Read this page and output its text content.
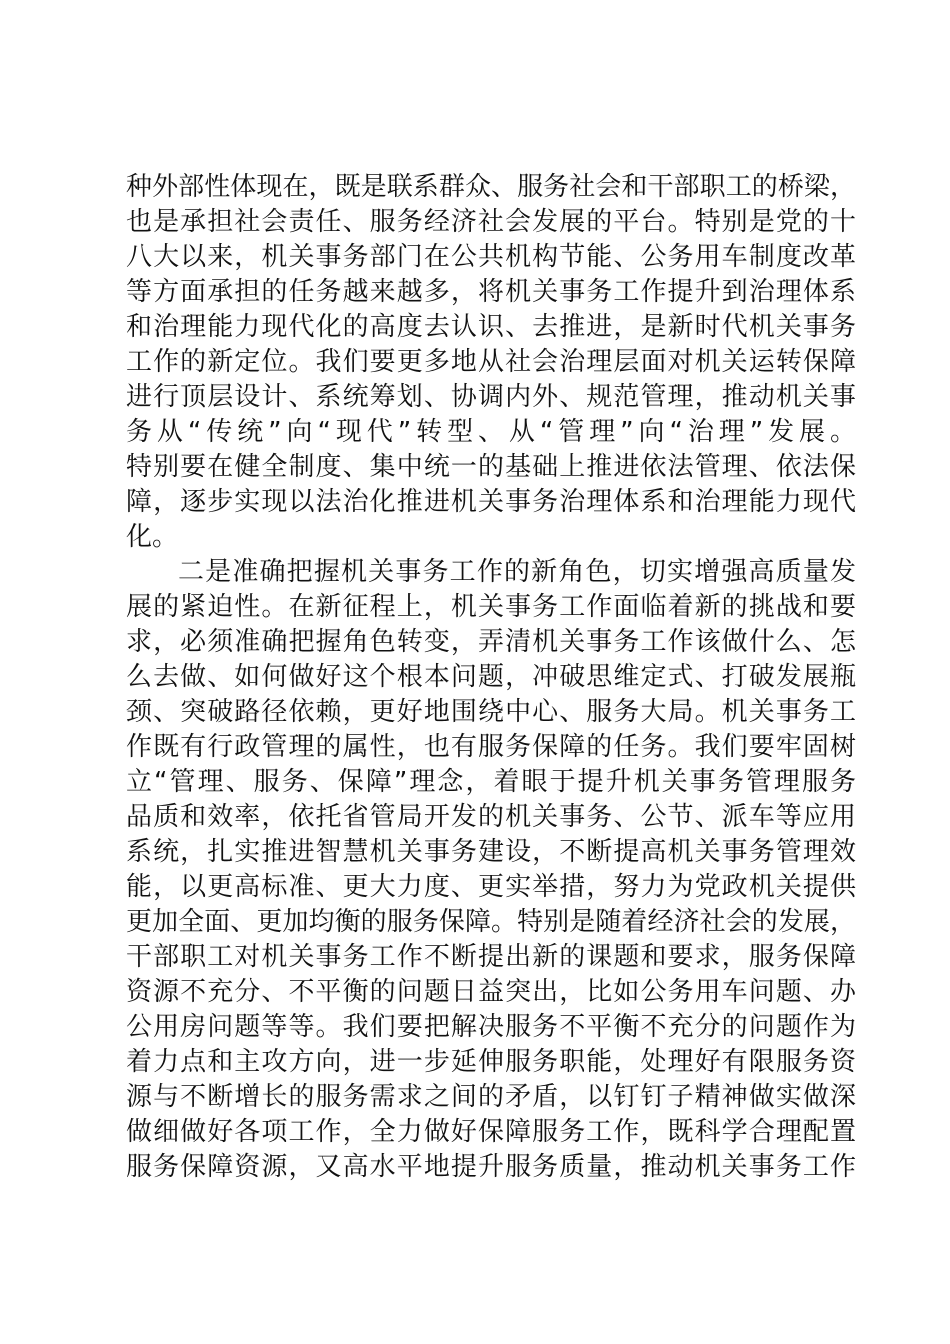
种外部性体现在，既是联系群众、服务社会和干部职工的桥梁，
也是承担社会责任、服务经济社会发展的平台。特别是党的十
八大以来，机关事务部门在公共机构节能、公务用车制度改革
等方面承担的任务越来越多，将机关事务工作提升到治理体系
和治理能力现代化的高度去认识、去推进，是新时代机关事务
工作的新定位。我们要更多地从社会治理层面对机关运转保障
进行顶层设计、系统筹划、协调内外、规范管理，推动机关事
务从“传统”向“现代”转型、从“管理”向“治理”发展。
特别要在健全制度、集中统一的基础上推进依法管理、依法保
障，逐步实现以法治化推进机关事务治理体系和治理能力现代
化。
二是准确把握机关事务工作的新角色，切实增强高质量发
展的紧迫性。在新征程上，机关事务工作面临着新的挑战和要
求，必须准确把握角色转变，弄清机关事务工作该做什么、怎
么去做、如何做好这个根本问题，冲破思维定式、打破发展瓶
颈、突破路径依赖，更好地围绕中心、服务大局。机关事务工
作既有行政管理的属性，也有服务保障的任务。我们要牢固树
立“管理、服务、保障”理念，着眼于提升机关事务管理服务
品质和效率，依托省管局开发的机关事务、公节、派车等应用
系统，扎实推进智慧机关事务建设，不断提高机关事务管理效
能，以更高标准、更大力度、更实举措，努力为党政机关提供
更加全面、更加均衡的服务保障。特别是随着经济社会的发展，
干部职工对机关事务工作不断提出新的课题和要求，服务保障
资源不充分、不平衡的问题日益突出，比如公务用车问题、办
公用房问题等等。我们要把解决服务不平衡不充分的问题作为
着力点和主攻方向，进一步延伸服务职能，处理好有限服务资
源与不断增长的服务需求之间的矛盾，以钉钉子精神做实做深
做细做好各项工作，全力做好保障服务工作，既科学合理配置
服务保障资源，又高水平地提升服务质量，推动机关事务工作
